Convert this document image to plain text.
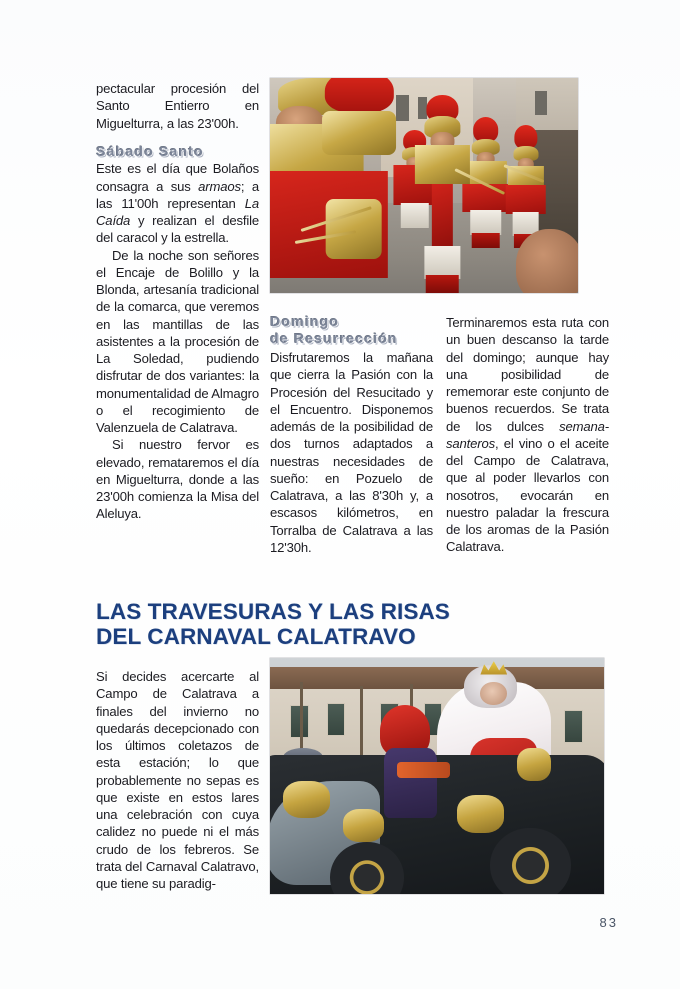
pectacular procesión del Santo Entierro en Miguelturra, a las 23'00h.

Sábado Santo

Este es el día que Bolaños consagra a sus armaos; a las 11'00h representan La Caída y realizan el desfile del caracol y la estrella.

De la noche son señores el Encaje de Bolillo y la Blonda, artesanía tradicional de la comarca, que veremos en las mantillas de las asistentes a la procesión de La Soledad, pudiendo disfrutar de dos variantes: la monumentalidad de Almagro o el recogimiento de Valenzuela de Calatrava.

Si nuestro fervor es elevado, remataremos el día en Miguelturra, donde a las 23'00h comienza la Misa del Aleluya.

Domingo

de Resurrección

Disfrutaremos la mañana que cierra la Pasión con la Procesión del Resucitado y el Encuentro. Disponemos además de la posibilidad de dos turnos adaptados a nuestras necesidades de sueño: en Pozuelo de Calatrava, a las 8'30h y, a escasos kilómetros, en Torralba de Calatrava a las 12'30h.

Terminaremos esta ruta con un buen descanso la tarde del domingo; aunque hay una posibilidad de rememorar este conjunto de buenos recuerdos. Se trata de los dulces semana-santeros, el vino o el aceite del Campo de Calatrava, que al poder llevarlos con nosotros, evocarán en nuestro paladar la frescura de los aromas de la Pasión Calatrava.

LAS TRAVESURAS Y LAS RISAS
DEL CARNAVAL CALATRAVO

Si decides acercarte al Campo de Calatrava a finales del invierno no quedarás decepcionado con los últimos coletazos de esta estación; lo que probablemente no sepas es que existe en estos lares una celebración con cuya calidez no puede ni el más crudo de los febreros. Se trata del Carnaval Calatravo, que tiene su paradig-

83
